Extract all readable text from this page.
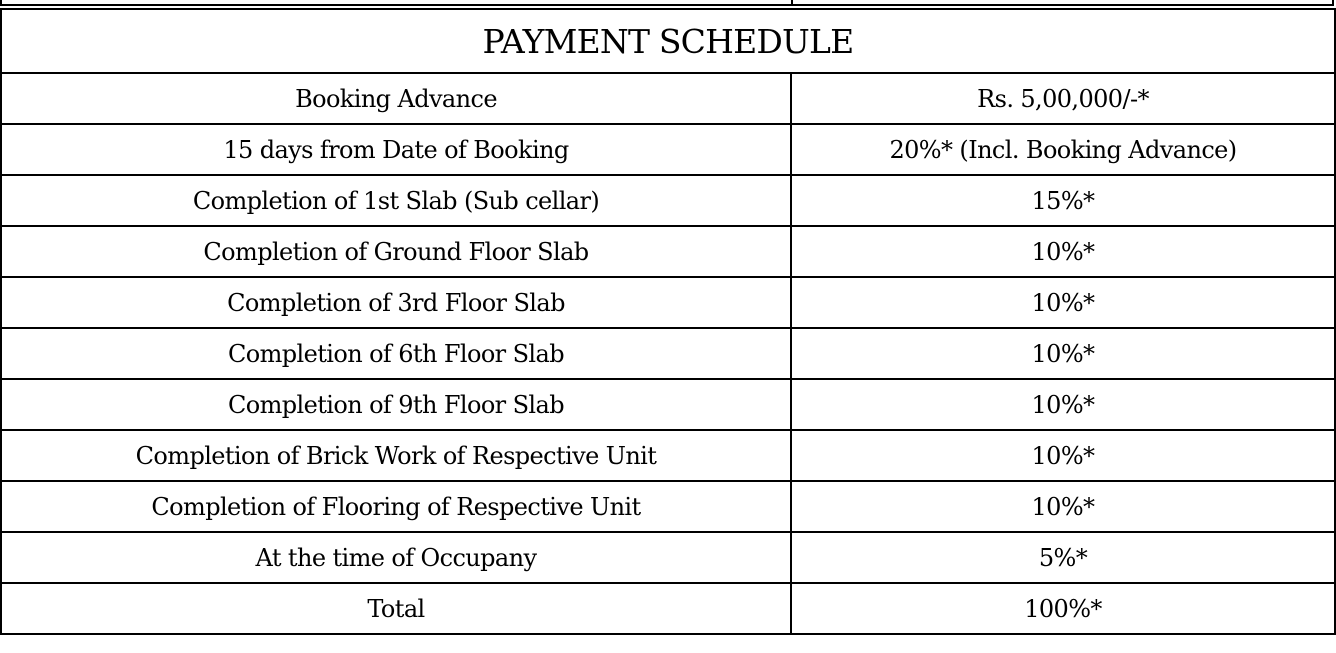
PAYMENT SCHEDULE	
Booking Advance	Rs. 5,00,000/-*
15 days from Date of Booking	20%* (Incl. Booking Advance)
Completion of 1st Slab (Sub cellar)	15%*
Completion of Ground Floor Slab	10%*
Completion of 3rd Floor Slab	10%*
Completion of 6th Floor Slab	10%*
Completion of 9th Floor Slab	10%*
Completion of Brick Work of Respective Unit	10%*
Completion of Flooring of Respective Unit	10%*
At the time of Occupany	5%*
Total	100%*
